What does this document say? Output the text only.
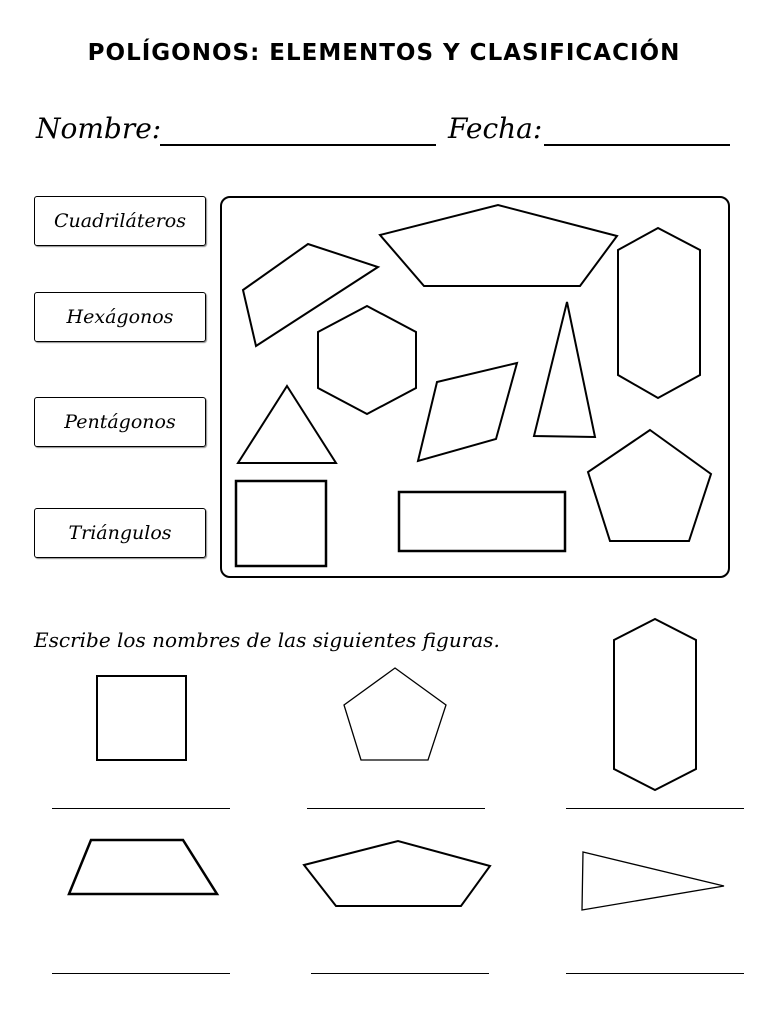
POLÍGONOS: ELEMENTOS Y CLASIFICACIÓN
Nombre:	Fecha:
Cuadriláteros
Hexágonos
Pentágonos
Triángulos
Escribe los nombres de las siguientes figuras.
